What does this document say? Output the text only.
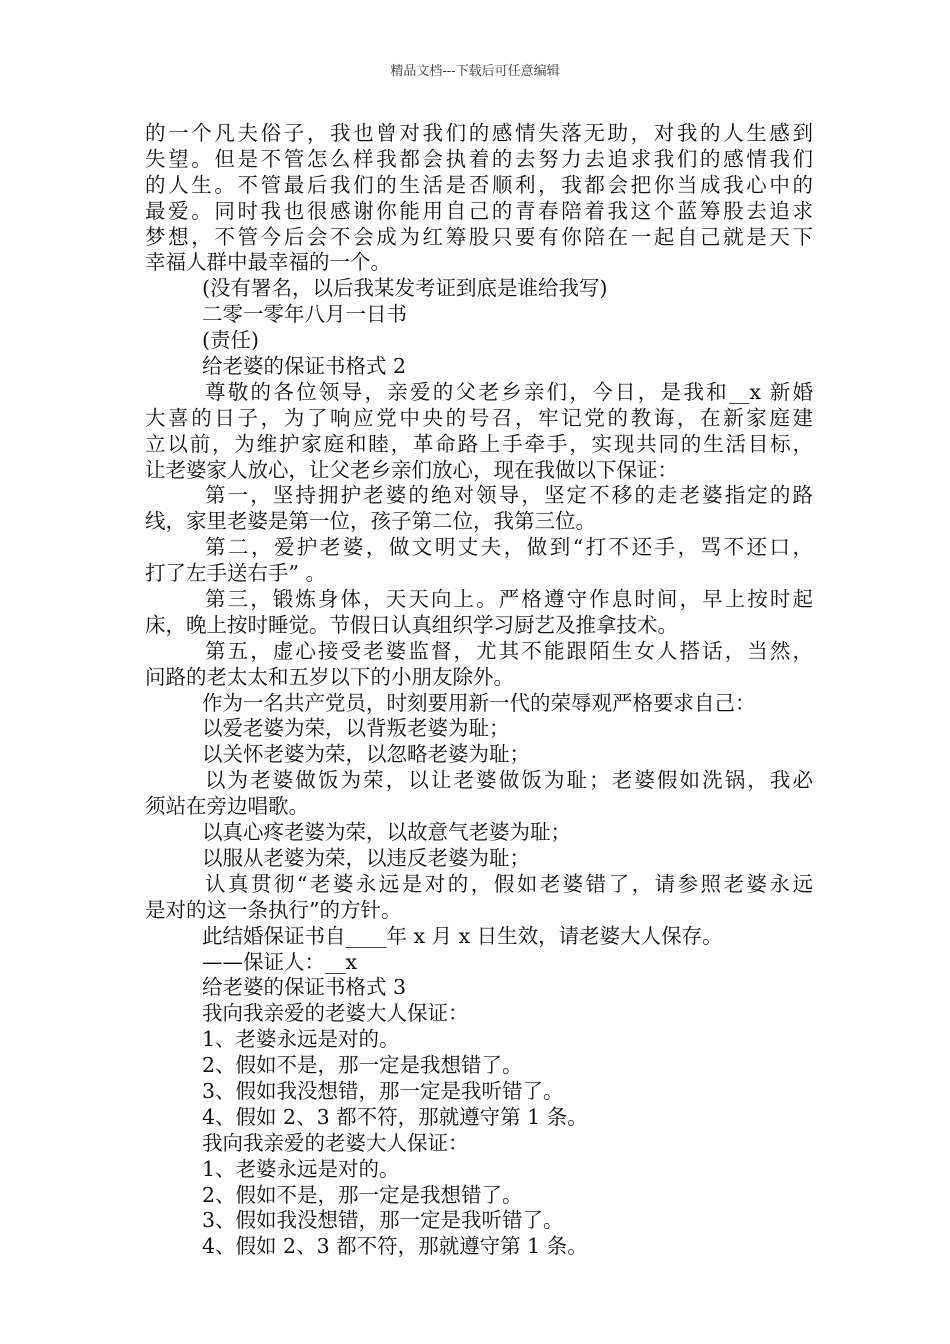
精品文档---下载后可任意编辑
的一个凡夫俗子，我也曾对我们的感情失落无助，对我的人生感到
失望。但是不管怎么样我都会执着的去努力去追求我们的感情我们
的人生。不管最后我们的生活是否顺利，我都会把你当成我心中的
最爱。同时我也很感谢你能用自己的青春陪着我这个蓝筹股去追求
梦想，不管今后会不会成为红筹股只要有你陪在一起自己就是天下
幸福人群中最幸福的一个。
(没有署名，以后我某发考证到底是谁给我写)
二零一零年八月一日书
(责任)
给老婆的保证书格式 2
尊敬的各位领导，亲爱的父老乡亲们，今日，是我和__x 新婚
大喜的日子，为了响应党中央的号召，牢记党的教诲，在新家庭建
立以前，为维护家庭和睦，革命路上手牵手，实现共同的生活目标，
让老婆家人放心，让父老乡亲们放心，现在我做以下保证：
第一，坚持拥护老婆的绝对领导，坚定不移的走老婆指定的路
线，家里老婆是第一位，孩子第二位，我第三位。
第二，爱护老婆，做文明丈夫，做到“打不还手，骂不还口，
打了左手送右手” 。
第三，锻炼身体，天天向上。严格遵守作息时间，早上按时起
床，晚上按时睡觉。节假日认真组织学习厨艺及推拿技术。
第五，虚心接受老婆监督，尤其不能跟陌生女人搭话，当然，
问路的老太太和五岁以下的小朋友除外。
作为一名共产党员，时刻要用新一代的荣辱观严格要求自己：
以爱老婆为荣，以背叛老婆为耻；
以关怀老婆为荣，以忽略老婆为耻；
以为老婆做饭为荣，以让老婆做饭为耻；老婆假如洗锅，我必
须站在旁边唱歌。
以真心疼老婆为荣，以故意气老婆为耻；
以服从老婆为荣，以违反老婆为耻；
认真贯彻“老婆永远是对的，假如老婆错了，请参照老婆永远
是对的这一条执行”的方针。
此结婚保证书自____年 x 月 x 日生效，请老婆大人保存。
——保证人：__x
给老婆的保证书格式 3
我向我亲爱的老婆大人保证：
1、老婆永远是对的。
2、假如不是，那一定是我想错了。
3、假如我没想错，那一定是我听错了。
4、假如 2、3 都不符，那就遵守第 1 条。
我向我亲爱的老婆大人保证：
1、老婆永远是对的。
2、假如不是，那一定是我想错了。
3、假如我没想错，那一定是我听错了。
4、假如 2、3 都不符，那就遵守第 1 条。
